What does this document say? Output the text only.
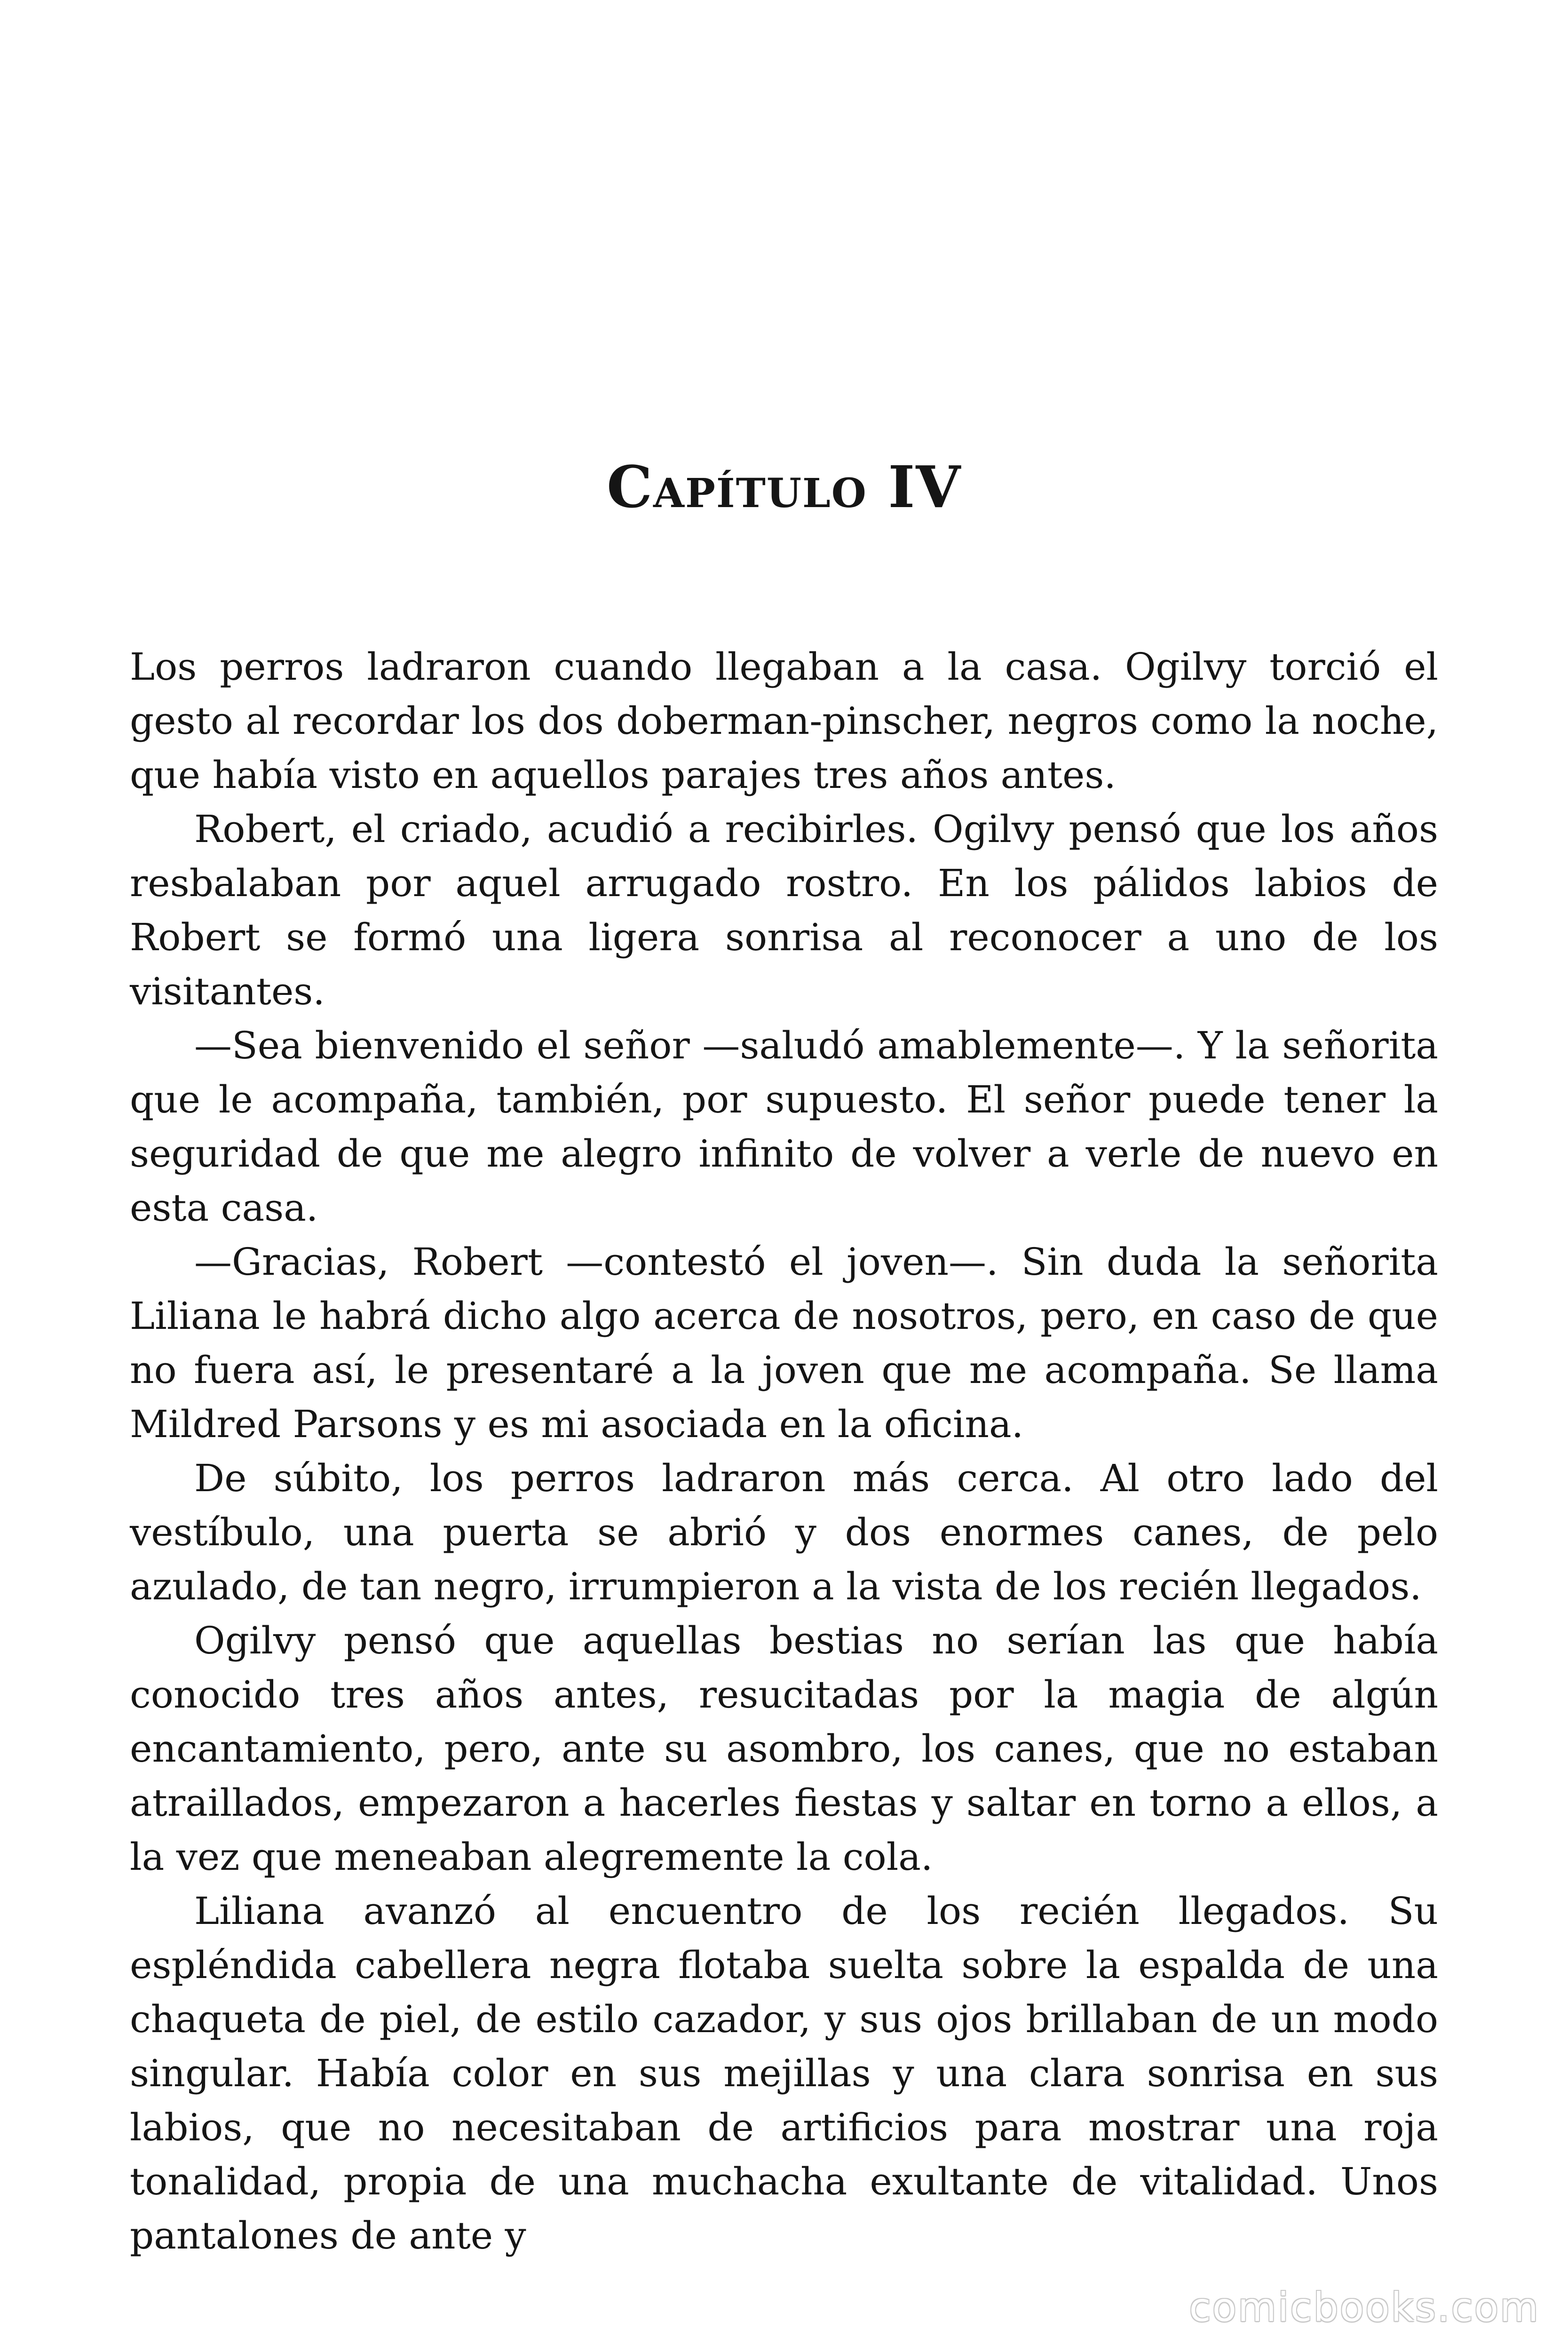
Capítulo IV

Los perros ladraron cuando llegaban a la casa. Ogilvy torció el gesto al recordar los dos doberman-pinscher, negros como la noche, que había visto en aquellos parajes tres años antes.

Robert, el criado, acudió a recibirles. Ogilvy pensó que los años resbalaban por aquel arrugado rostro. En los pálidos labios de Robert se formó una ligera sonrisa al reconocer a uno de los visitantes.

—Sea bienvenido el señor —saludó amablemente—. Y la señorita que le acompaña, también, por supuesto. El señor puede tener la seguridad de que me alegro infinito de volver a verle de nuevo en esta casa.

—Gracias, Robert —contestó el joven—. Sin duda la señorita Liliana le habrá dicho algo acerca de nosotros, pero, en caso de que no fuera así, le presentaré a la joven que me acompaña. Se llama Mildred Parsons y es mi asociada en la oficina.

De súbito, los perros ladraron más cerca. Al otro lado del vestíbulo, una puerta se abrió y dos enormes canes, de pelo azulado, de tan negro, irrumpieron a la vista de los recién llegados.

Ogilvy pensó que aquellas bestias no serían las que había conocido tres años antes, resucitadas por la magia de algún encantamiento, pero, ante su asombro, los canes, que no estaban atraillados, empezaron a hacerles fiestas y saltar en torno a ellos, a la vez que meneaban alegremente la cola.

Liliana avanzó al encuentro de los recién llegados. Su espléndida cabellera negra flotaba suelta sobre la espalda de una chaqueta de piel, de estilo cazador, y sus ojos brillaban de un modo singular. Había color en sus mejillas y una clara sonrisa en sus labios, que no necesitaban de artificios para mostrar una roja tonalidad, propia de una muchacha exultante de vitalidad. Unos pantalones de ante y

comicbooks.com
